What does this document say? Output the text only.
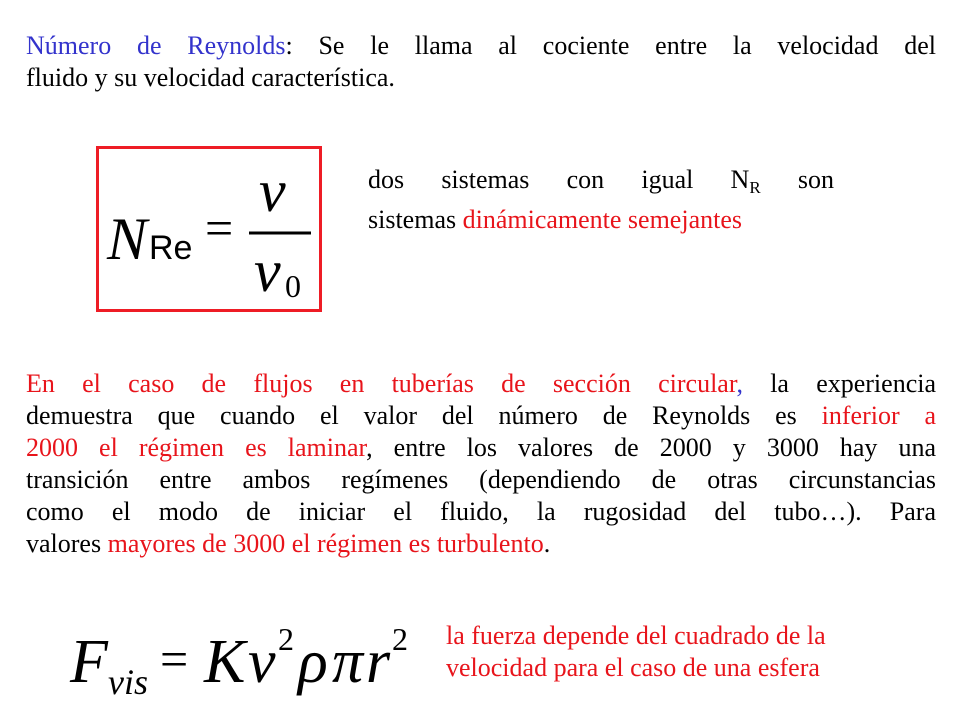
Número de Reynolds: Se le llama al cociente entre la velocidad del
fluido y su velocidad característica.
N Re =
v
v 0
dos sistemas con igual $N_R$ son
sistemas dinámicamente semejantes
En el caso de flujos en tuberías de sección circular, la experiencia
demuestra que cuando el valor del número de Reynolds es inferior a
2000 el régimen es laminar, entre los valores de 2000 y 3000 hay una
transición entre ambos regímenes (dependiendo de otras circunstancias
como el modo de iniciar el fluido, la rugosidad del tubo…). Para
valores mayores de 3000 el régimen es turbulento.
F vis = K v 2 ρ π r 2 la fuerza depende del cuadrado de la
velocidad para el caso de una esfera
